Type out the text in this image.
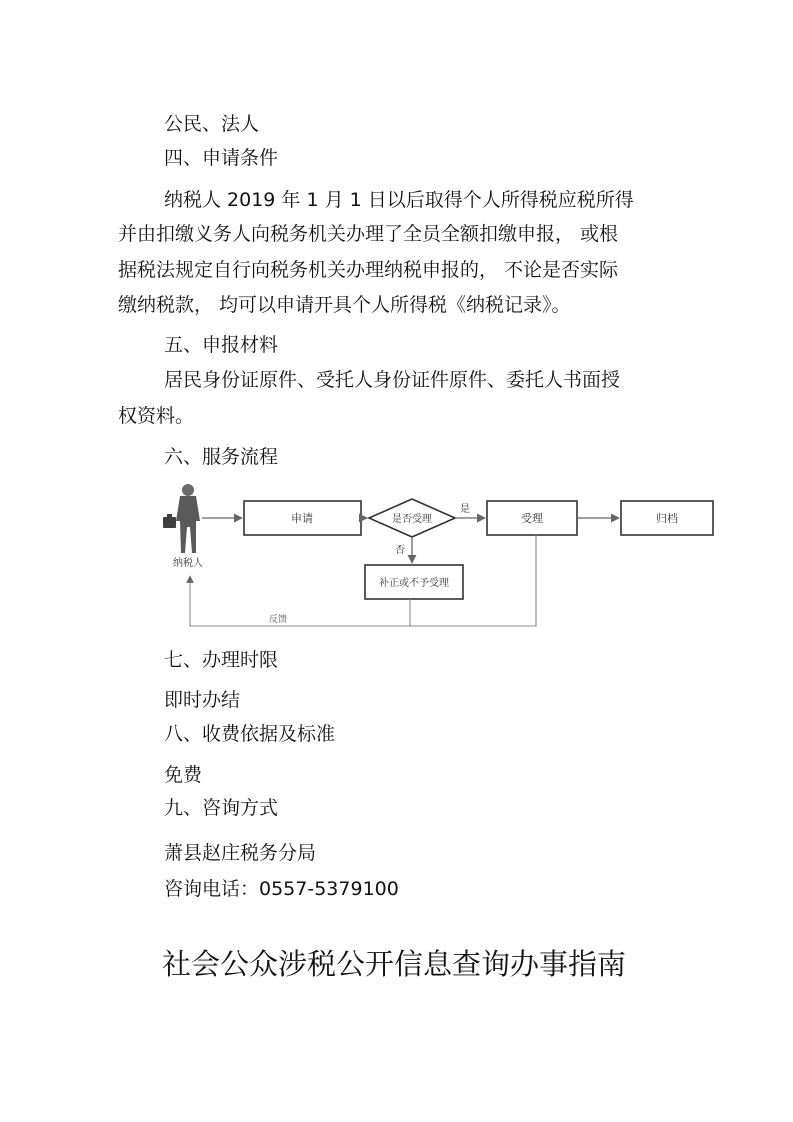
公民、法人

四、申请条件

纳税人 2019 年 1 月 1 日以后取得个人所得税应税所得

并由扣缴义务人向税务机关办理了全员全额扣缴申报， 或根

据税法规定自行向税务机关办理纳税申报的， 不论是否实际

缴纳税款， 均可以申请开具个人所得税《纳税记录》。

五、申报材料

居民身份证原件、受托人身份证件原件、委托人书面授

权资料。

六、服务流程

纳税人
申请	是否受理
是
受理	归档
否
补正或不予受理
反馈

七、办理时限

即时办结

八、收费依据及标准

免费

九、咨询方式

萧县赵庄税务分局

咨询电话：0557-5379100

社会公众涉税公开信息查询办事指南
